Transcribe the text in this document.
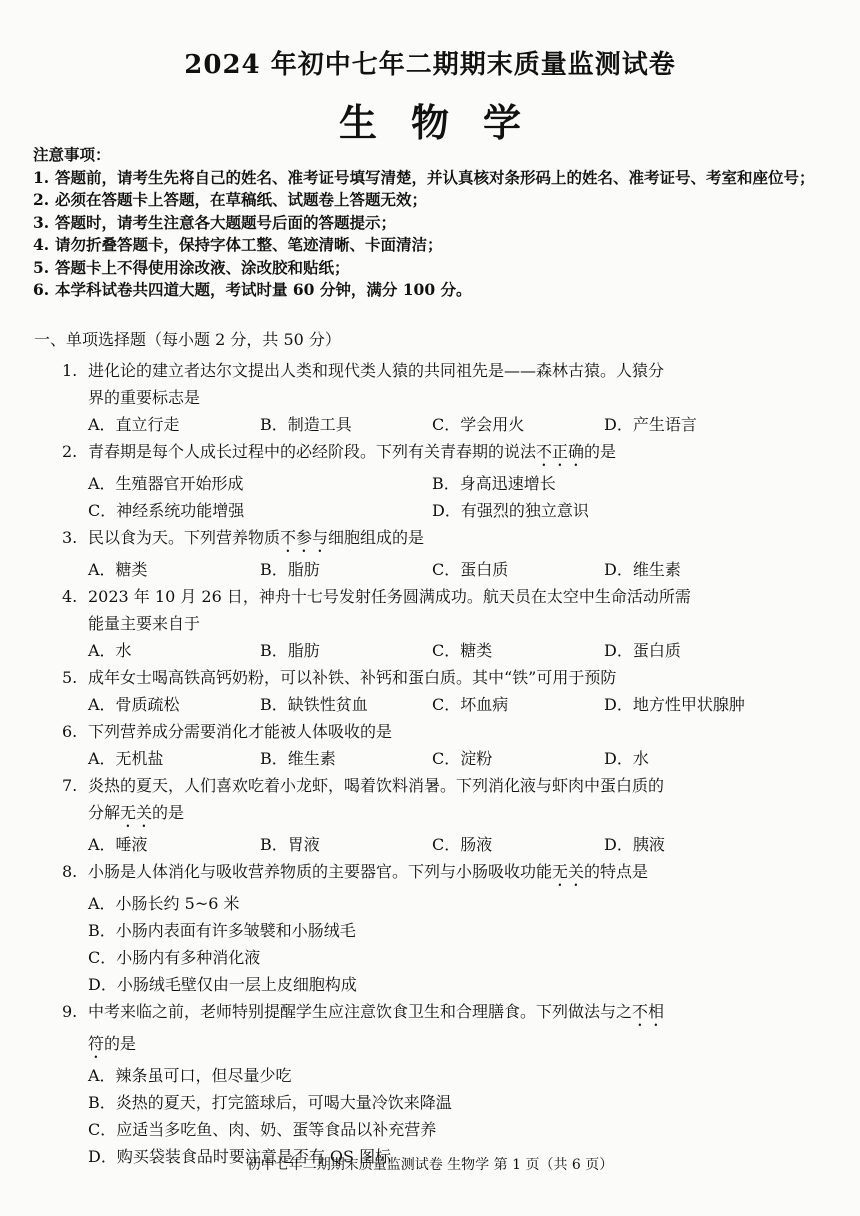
2024 年初中七年二期期末质量监测试卷
生物学
注意事项：
1. 答题前，请考生先将自己的姓名、准考证号填写清楚，并认真核对条形码上的姓名、准考证号、考室和座位号；
2. 必须在答题卡上答题，在草稿纸、试题卷上答题无效；
3. 答题时，请考生注意各大题题号后面的答题提示；
4. 请勿折叠答题卡，保持字体工整、笔迹清晰、卡面清洁；
5. 答题卡上不得使用涂改液、涂改胶和贴纸；
6. 本学科试卷共四道大题，考试时量 60 分钟，满分 100 分。
一、单项选择题（每小题 2 分，共 50 分）
1. 进化论的建立者达尔文提出人类和现代类人猿的共同祖先是——森林古猿。人猿分
界的重要标志是
A．直立行走	B．制造工具	C．学会用火	D．产生语言
2. 青春期是每个人成长过程中的必经阶段。下列有关青春期的说法不正确的是
A．生殖器官开始形成	B．身高迅速增长
C．神经系统功能增强	D．有强烈的独立意识
3. 民以食为天。下列营养物质不参与细胞组成的是
A．糖类	B．脂肪	C．蛋白质	D．维生素
4. 2023 年 10 月 26 日，神舟十七号发射任务圆满成功。航天员在太空中生命活动所需
能量主要来自于
A．水	B．脂肪	C．糖类	D．蛋白质
5. 成年女士喝高铁高钙奶粉，可以补铁、补钙和蛋白质。其中“铁”可用于预防
A．骨质疏松	B．缺铁性贫血	C．坏血病	D．地方性甲状腺肿
6. 下列营养成分需要消化才能被人体吸收的是
A．无机盐	B．维生素	C．淀粉	D．水
7. 炎热的夏天，人们喜欢吃着小龙虾，喝着饮料消暑。下列消化液与虾肉中蛋白质的
分解无关的是
A．唾液	B．胃液	C．肠液	D．胰液
8. 小肠是人体消化与吸收营养物质的主要器官。下列与小肠吸收功能无关的特点是
A．小肠长约 5~6 米
B．小肠内表面有许多皱襞和小肠绒毛
C．小肠内有多种消化液
D．小肠绒毛壁仅由一层上皮细胞构成
9. 中考来临之前，老师特别提醒学生应注意饮食卫生和合理膳食。下列做法与之不相
符的是
A．辣条虽可口，但尽量少吃
B．炎热的夏天，打完篮球后，可喝大量冷饮来降温
C．应适当多吃鱼、肉、奶、蛋等食品以补充营养
D．购买袋装食品时要注意是否有 QS 图标
初中七年二期期末质量监测试卷 生物学 第 1 页（共 6 页）
